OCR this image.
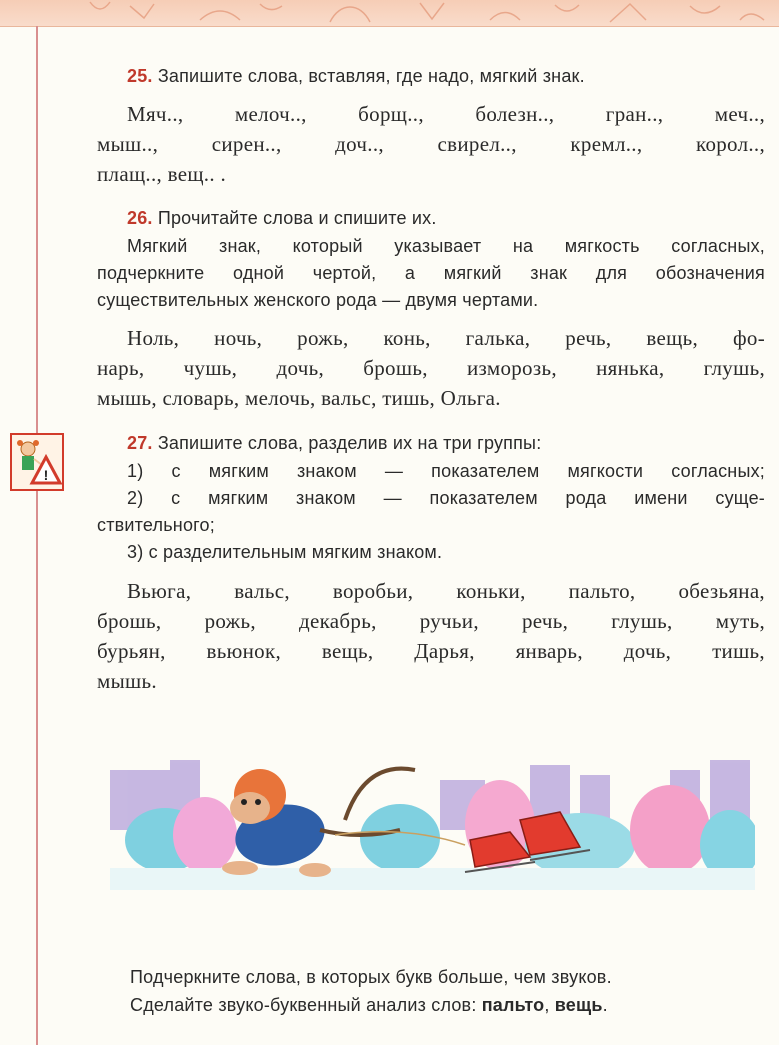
25. Запишите слова, вставляя, где надо, мягкий знак.
Мяч.., мелоч.., борщ.., болезн.., гран.., меч..,
мыш.., сирен.., доч.., свирел.., кремл.., корол..,
плащ.., вещ.. .
26. Прочитайте слова и спишите их.
Мягкий знак, который указывает на мягкость согласных,
подчеркните одной чертой, а мягкий знак для обозначения
существительных женского рода — двумя чертами.
Ноль, ночь, рожь, конь, галька, речь, вещь, фо-
нарь, чушь, дочь, брошь, изморозь, нянька, глушь,
мышь, словарь, мелочь, вальс, тишь, Ольга.
!
27. Запишите слова, разделив их на три группы:
1) с мягким знаком — показателем мягкости согласных;
2) с мягким знаком — показателем рода имени суще-
ствительного;
3) с разделительным мягким знаком.
Вьюга, вальс, воробьи, коньки, пальто, обезьяна,
брошь, рожь, декабрь, ручьи, речь, глушь, муть,
бурьян, вьюнок, вещь, Дарья, январь, дочь, тишь,
мышь.
Подчеркните слова, в которых букв больше, чем звуков.
Сделайте звуко-буквенный анализ слов: пальто, вещь.
